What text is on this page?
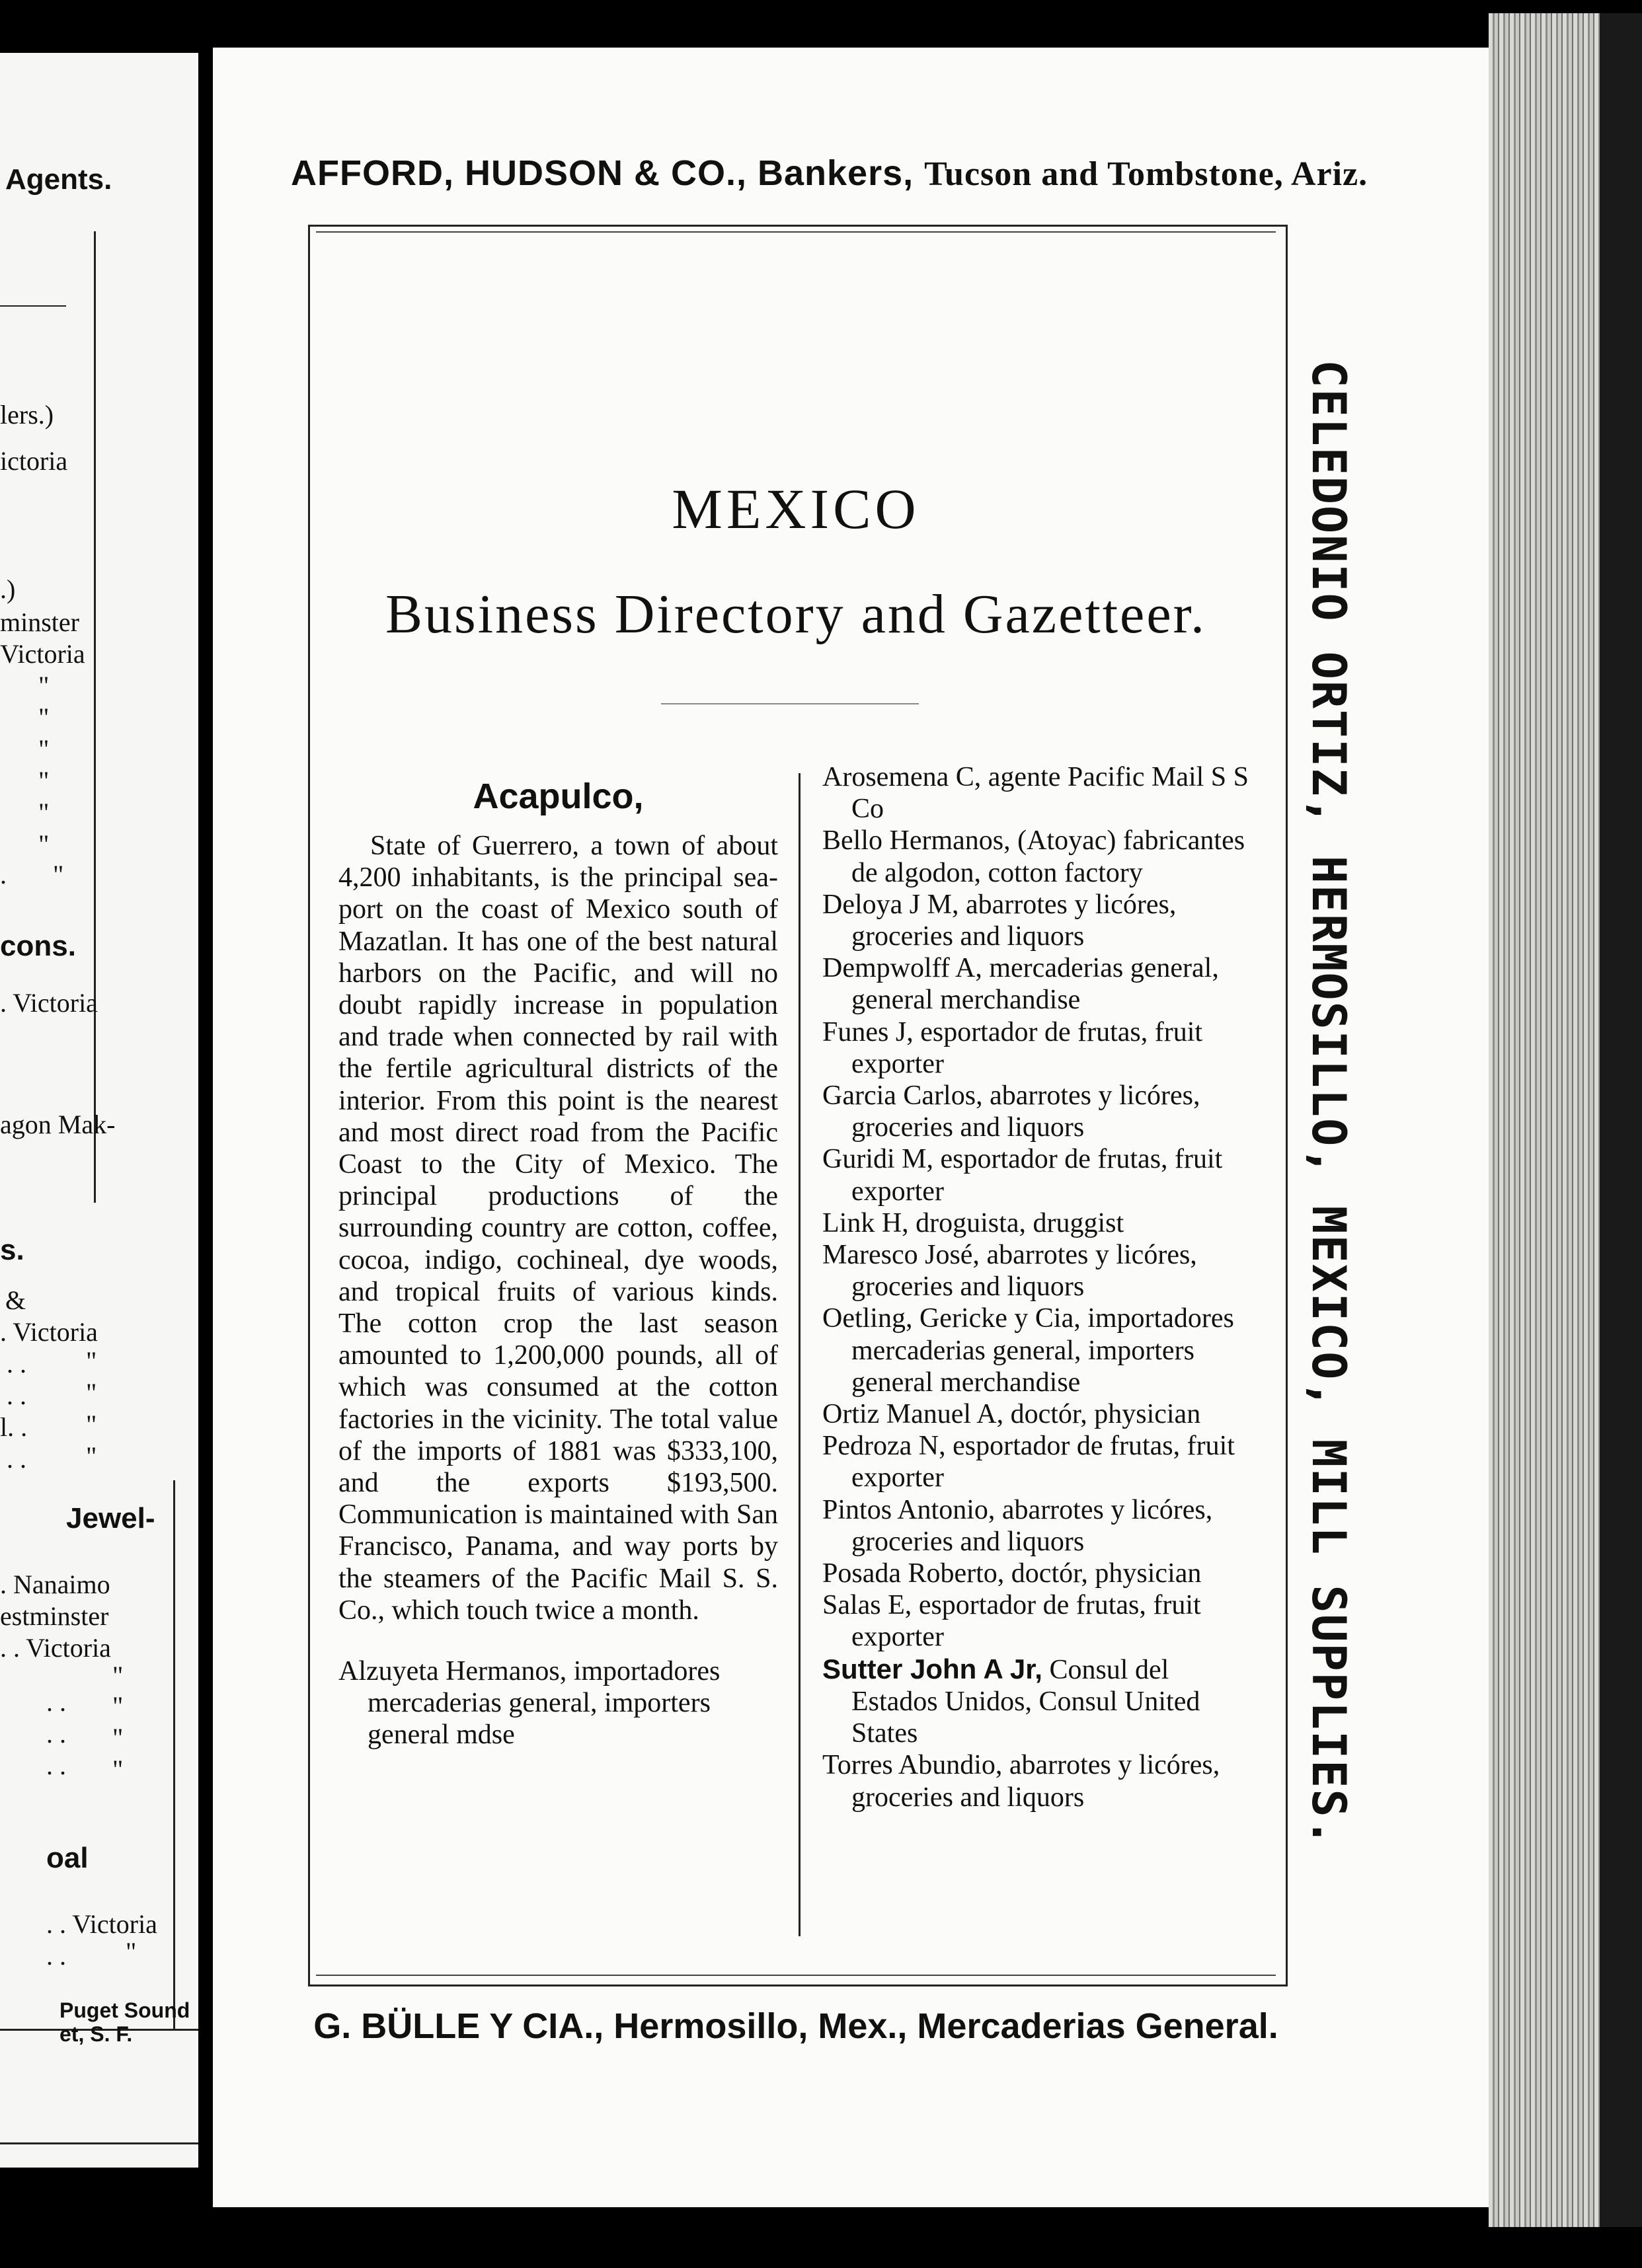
Agents.
lers.)
ictoria
.)
minster
Victoria
"
"
"
"
"
"
. "
cons.
. Victoria
agon Mak-
s.
&
. Victoria
. . "
. . "
l. . "
. . "
Jewel-
. Nanaimo
estminster
. . Victoria
"
. . "
. . "
. . "
oal
. . Victoria
. . "
Puget Sound
et, S. F.
AFFORD, HUDSON & CO., Bankers, Tucson and Tombstone, Ariz.
CELEDONIO ORTIZ, HERMOSILLO, MEXICO, MILL SUPPLIES.
MEXICO
Business Directory and Gazetteer.
Acapulco,

State of Guerrero, a town of about 4,200 inhabitants, is the principal sea-port on the coast of Mexico south of Mazatlan. It has one of the best natural harbors on the Pacific, and will no doubt rapidly increase in population and trade when connected by rail with the fertile agricultural districts of the interior. From this point is the nearest and most direct road from the Pacific Coast to the City of Mexico. The principal productions of the surrounding country are cotton, coffee, cocoa, indigo, cochineal, dye woods, and tropical fruits of various kinds. The cotton crop the last season amounted to 1,200,000 pounds, all of which was consumed at the cotton factories in the vicinity. The total value of the imports of 1881 was $333,100, and the exports $193,500. Communication is maintained with San Francisco, Panama, and way ports by the steamers of the Pacific Mail S. S. Co., which touch twice a month.

Alzuyeta Hermanos, importadores mercaderias general, importers general mdse

Arosemena C, agente Pacific Mail S S Co

Bello Hermanos, (Atoyac) fabricantes de algodon, cotton factory

Deloya J M, abarrotes y licóres, groceries and liquors

Dempwolff A, mercaderias general, general merchandise

Funes J, esportador de frutas, fruit exporter

Garcia Carlos, abarrotes y licóres, groceries and liquors

Guridi M, esportador de frutas, fruit exporter

Link H, droguista, druggist

Maresco José, abarrotes y licóres, groceries and liquors

Oetling, Gericke y Cia, importadores mercaderias general, importers general merchandise

Ortiz Manuel A, doctór, physician

Pedroza N, esportador de frutas, fruit exporter

Pintos Antonio, abarrotes y licóres, groceries and liquors

Posada Roberto, doctór, physician

Salas E, esportador de frutas, fruit exporter

Sutter John A Jr, Consul del Estados Unidos, Consul United States

Torres Abundio, abarrotes y licóres, groceries and liquors

G. BÜLLE Y CIA., Hermosillo, Mex., Mercaderias General.
